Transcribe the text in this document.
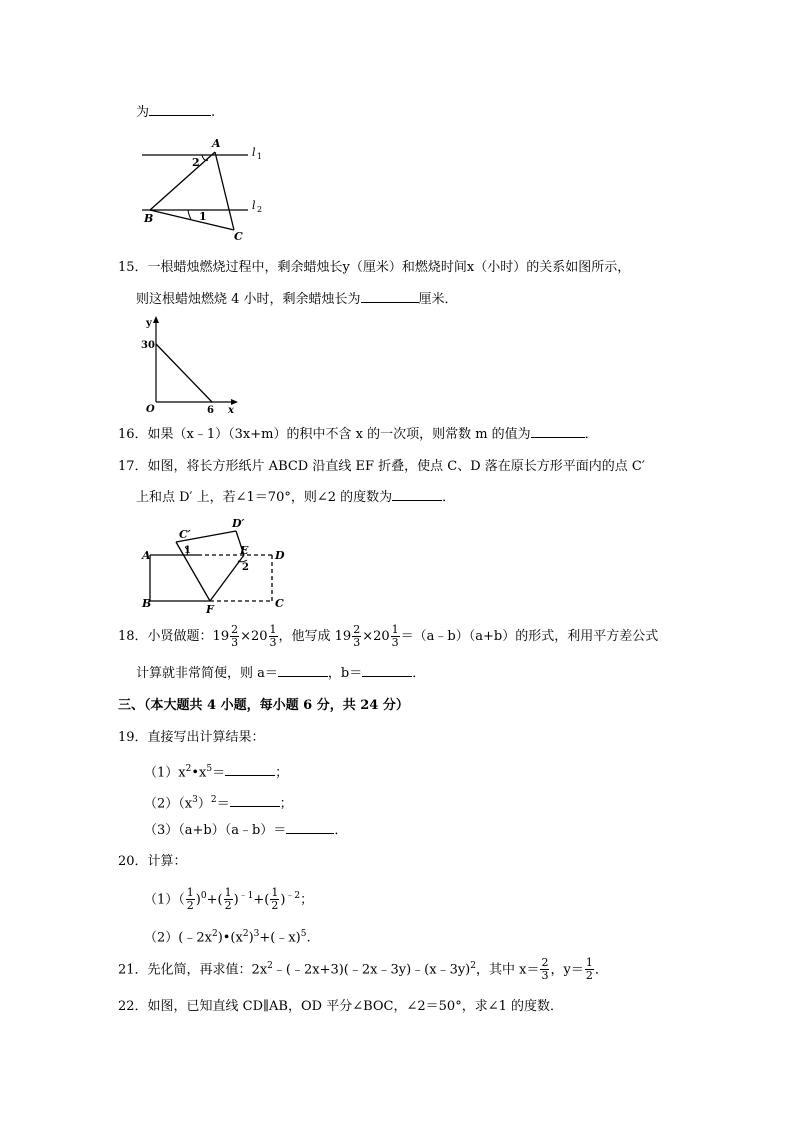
为	.
A
2
l 1
l 2
B	1
C
15．一根蜡烛燃烧过程中，剩余蜡烛长y（厘米）和燃烧时间x（小时）的关系如图所示，
则这根蜡烛燃烧 4 小时，剩余蜡烛长为	厘米．
y
30
O	6 x
16．如果（x﹣1）（3x+m）的积中不含 x 的一次项，则常数 m 的值为	．
17．如图，将长方形纸片 ABCD 沿直线 EF 折叠，使点 C、D 落在原长方形平面内的点 C′
上和点 D′ 上，若∠1＝70°，则∠2 的度数为	．
A
B	C
D
E
F
C′
D′
1
2
18．小贤做题：$19 \frac{2}{3} \times 20 \frac{1}{3}$ ，他写成 $19 \frac{2}{3} \times 20 \frac{1}{3}$ ＝（a﹣b）（a+b）的形式，利用平方差公式
计算就非常简便，则 a＝	，b＝	．
三、（本大题共 4 小题，每小题 6 分，共 24 分）
19．直接写出计算结果：
$(1)x^2•x^5=$	；
$(2)(x^3)^2=$	；
（3）（a+b）（a﹣b）＝	．
20．计算：
$(1)( \frac{1}{2} )^0+( \frac{1}{2} )^{﹣1}+( \frac{1}{2} )^{﹣2}$；
$(2)(﹣2x^2)•(x^2)^3+(﹣x)^5$.
21．先化简，再求值：$2x^2﹣(﹣2x+3)(﹣2x﹣3y)﹣(x﹣3y)^2$，其中 $x= \frac{2}{3}$ ，$y= \frac{1}{2}$ ．
22．如图，已知直线 CD∥AB，OD 平分∠BOC，∠2＝50°，求∠1 的度数．
